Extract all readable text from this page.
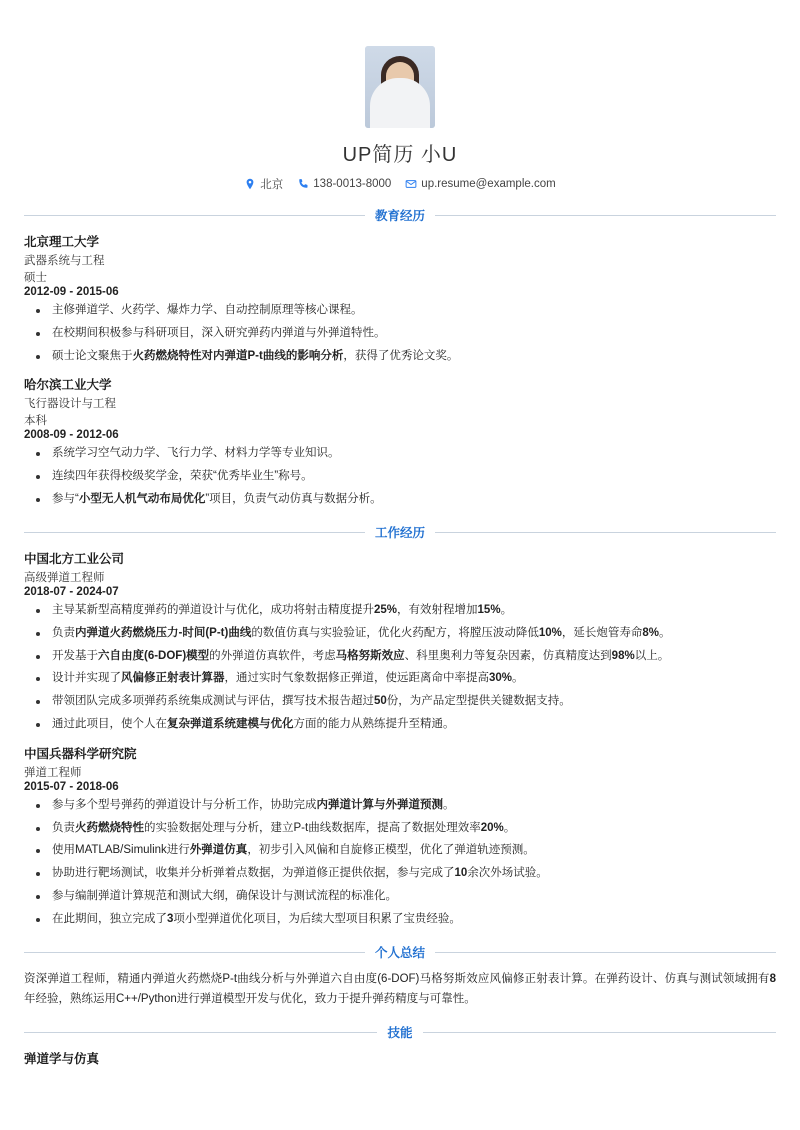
UP简历 小U
北京	138-0013-8000	up.resume@example.com
教育经历
北京理工大学
武器系统与工程
硕士
2012-09 - 2015-06
主修弹道学、火药学、爆炸力学、自动控制原理等核心课程。
在校期间积极参与科研项目，深入研究弹药内弹道与外弹道特性。
硕士论文聚焦于火药燃烧特性对内弹道P-t曲线的影响分析，获得了优秀论文奖。
哈尔滨工业大学
飞行器设计与工程
本科
2008-09 - 2012-06
系统学习空气动力学、飞行力学、材料力学等专业知识。
连续四年获得校级奖学金，荣获“优秀毕业生”称号。
参与“小型无人机气动布局优化”项目，负责气动仿真与数据分析。
工作经历
中国北方工业公司
高级弹道工程师
2018-07 - 2024-07
主导某新型高精度弹药的弹道设计与优化，成功将射击精度提升25%，有效射程增加15%。
负责内弹道火药燃烧压力-时间(P-t)曲线的数值仿真与实验验证，优化火药配方，将膛压波动降低10%，延长炮管寿命8%。
开发基于六自由度(6-DOF)模型的外弹道仿真软件，考虑马格努斯效应、科里奥利力等复杂因素，仿真精度达到98%以上。
设计并实现了风偏修正射表计算器，通过实时气象数据修正弹道，使远距离命中率提高30%。
带领团队完成多项弹药系统集成测试与评估，撰写技术报告超过50份，为产品定型提供关键数据支持。
通过此项目，使个人在复杂弹道系统建模与优化方面的能力从熟练提升至精通。
中国兵器科学研究院
弹道工程师
2015-07 - 2018-06
参与多个型号弹药的弹道设计与分析工作，协助完成内弹道计算与外弹道预测。
负责火药燃烧特性的实验数据处理与分析，建立P-t曲线数据库，提高了数据处理效率20%。
使用MATLAB/Simulink进行外弹道仿真，初步引入风偏和自旋修正模型，优化了弹道轨迹预测。
协助进行靶场测试，收集并分析弹着点数据，为弹道修正提供依据，参与完成了10余次外场试验。
参与编制弹道计算规范和测试大纲，确保设计与测试流程的标准化。
在此期间，独立完成了3项小型弹道优化项目，为后续大型项目积累了宝贵经验。
个人总结
资深弹道工程师，精通内弹道火药燃烧P-t曲线分析与外弹道六自由度(6-DOF)马格努斯效应风偏修正射表计算。在弹药设计、仿真与测试领域拥有8年经验，熟练运用C++/Python进行弹道模型开发与优化，致力于提升弹药精度与可靠性。
技能
弹道学与仿真
